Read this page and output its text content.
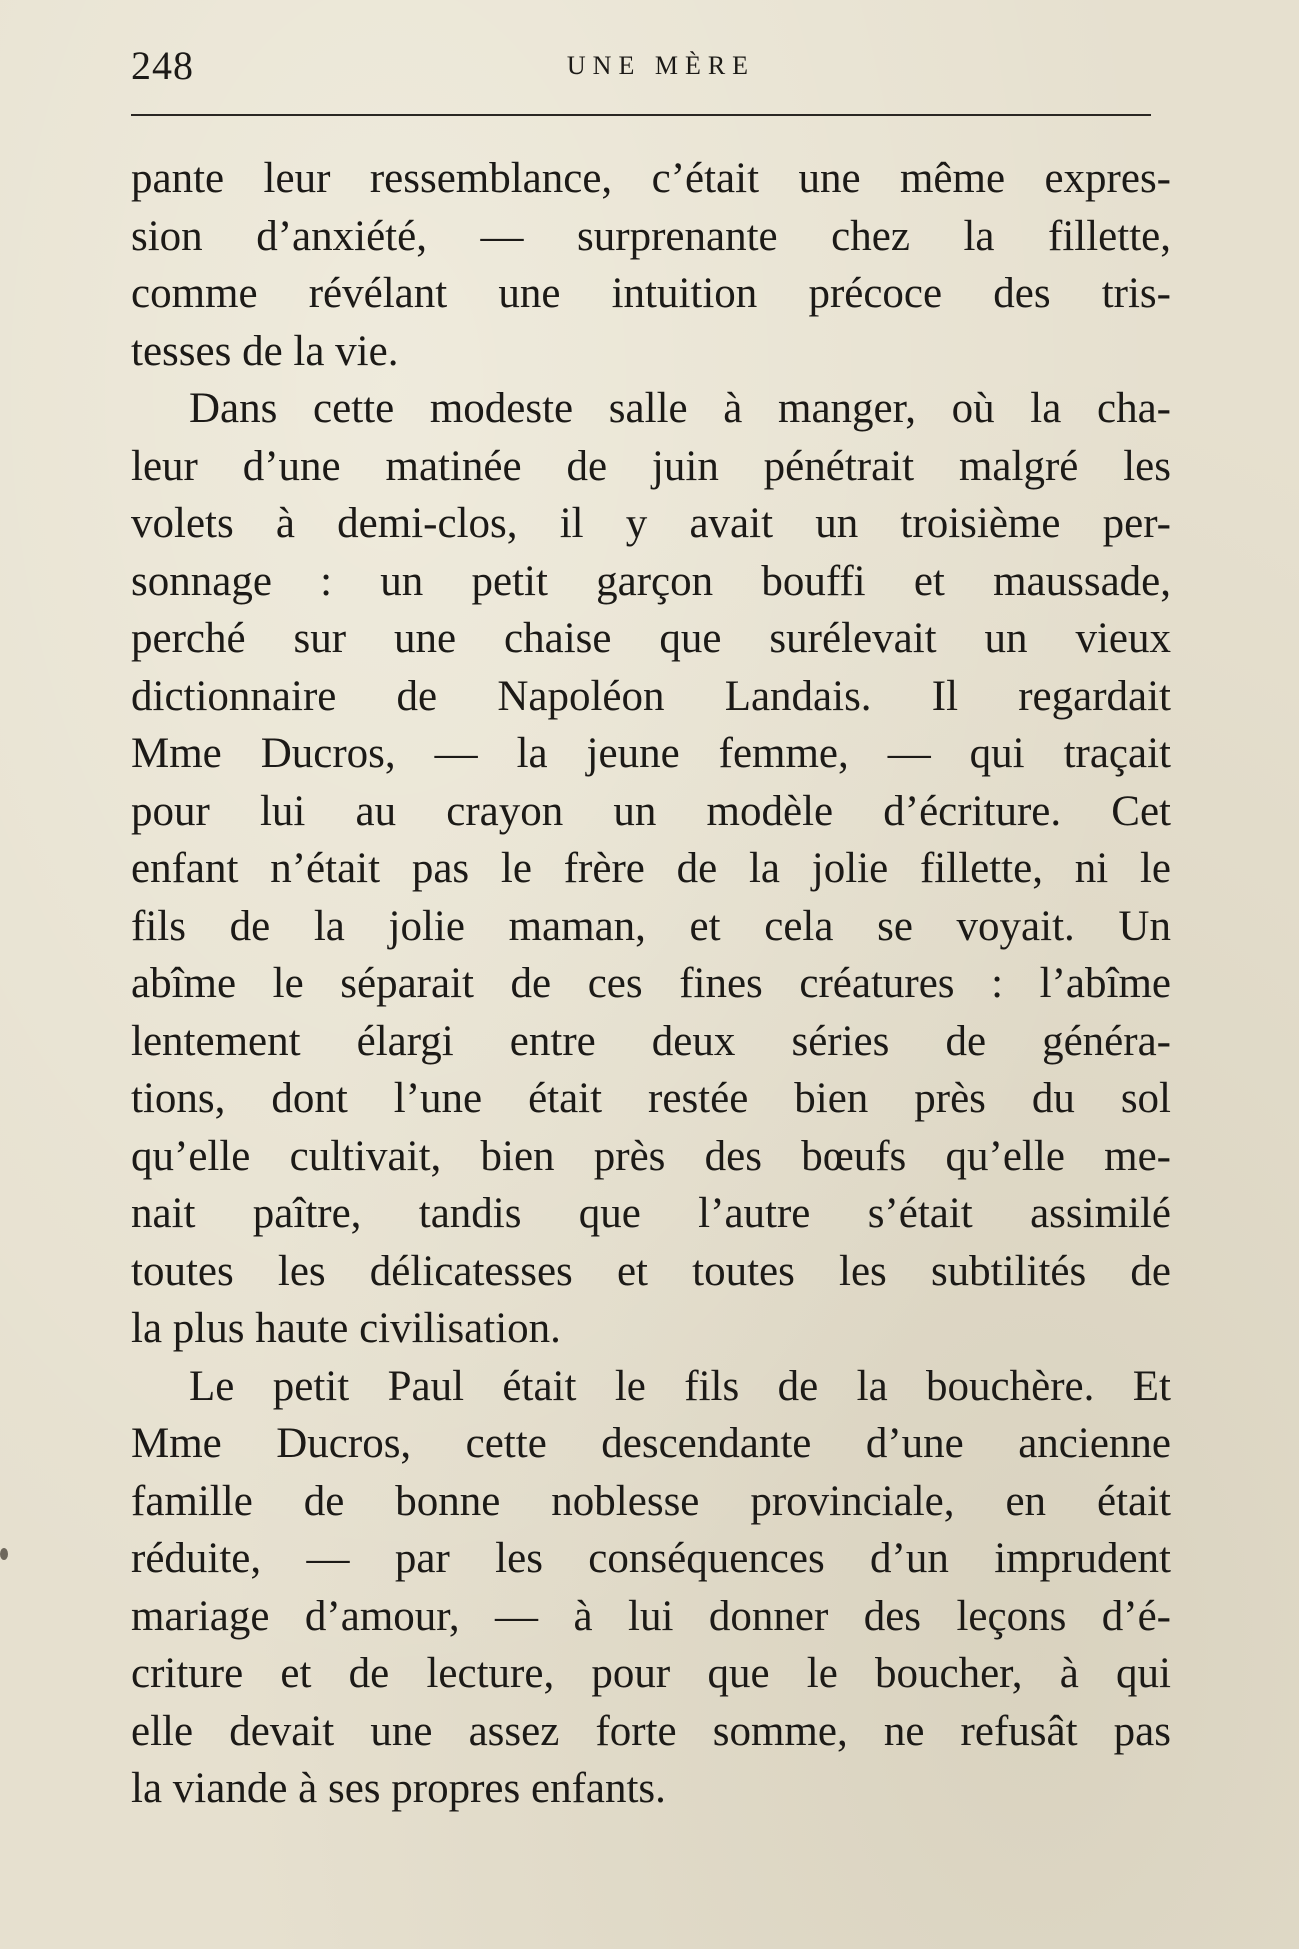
248	UNE MÈRE
pante leur ressemblance, c’était une même expres-
sion d’anxiété, — surprenante chez la fillette,
comme révélant une intuition précoce des tris-
tesses de la vie.
Dans cette modeste salle à manger, où la cha-
leur d’une matinée de juin pénétrait malgré les
volets à demi-clos, il y avait un troisième per-
sonnage : un petit garçon bouffi et maussade,
perché sur une chaise que surélevait un vieux
dictionnaire de Napoléon Landais. Il regardait
Mme Ducros, — la jeune femme, — qui traçait
pour lui au crayon un modèle d’écriture. Cet
enfant n’était pas le frère de la jolie fillette, ni le
fils de la jolie maman, et cela se voyait. Un
abîme le séparait de ces fines créatures : l’abîme
lentement élargi entre deux séries de généra-
tions, dont l’une était restée bien près du sol
qu’elle cultivait, bien près des bœufs qu’elle me-
nait paître, tandis que l’autre s’était assimilé
toutes les délicatesses et toutes les subtilités de
la plus haute civilisation.
Le petit Paul était le fils de la bouchère. Et
Mme Ducros, cette descendante d’une ancienne
famille de bonne noblesse provinciale, en était
réduite, — par les conséquences d’un imprudent
mariage d’amour, — à lui donner des leçons d’é-
criture et de lecture, pour que le boucher, à qui
elle devait une assez forte somme, ne refusât pas
la viande à ses propres enfants.
